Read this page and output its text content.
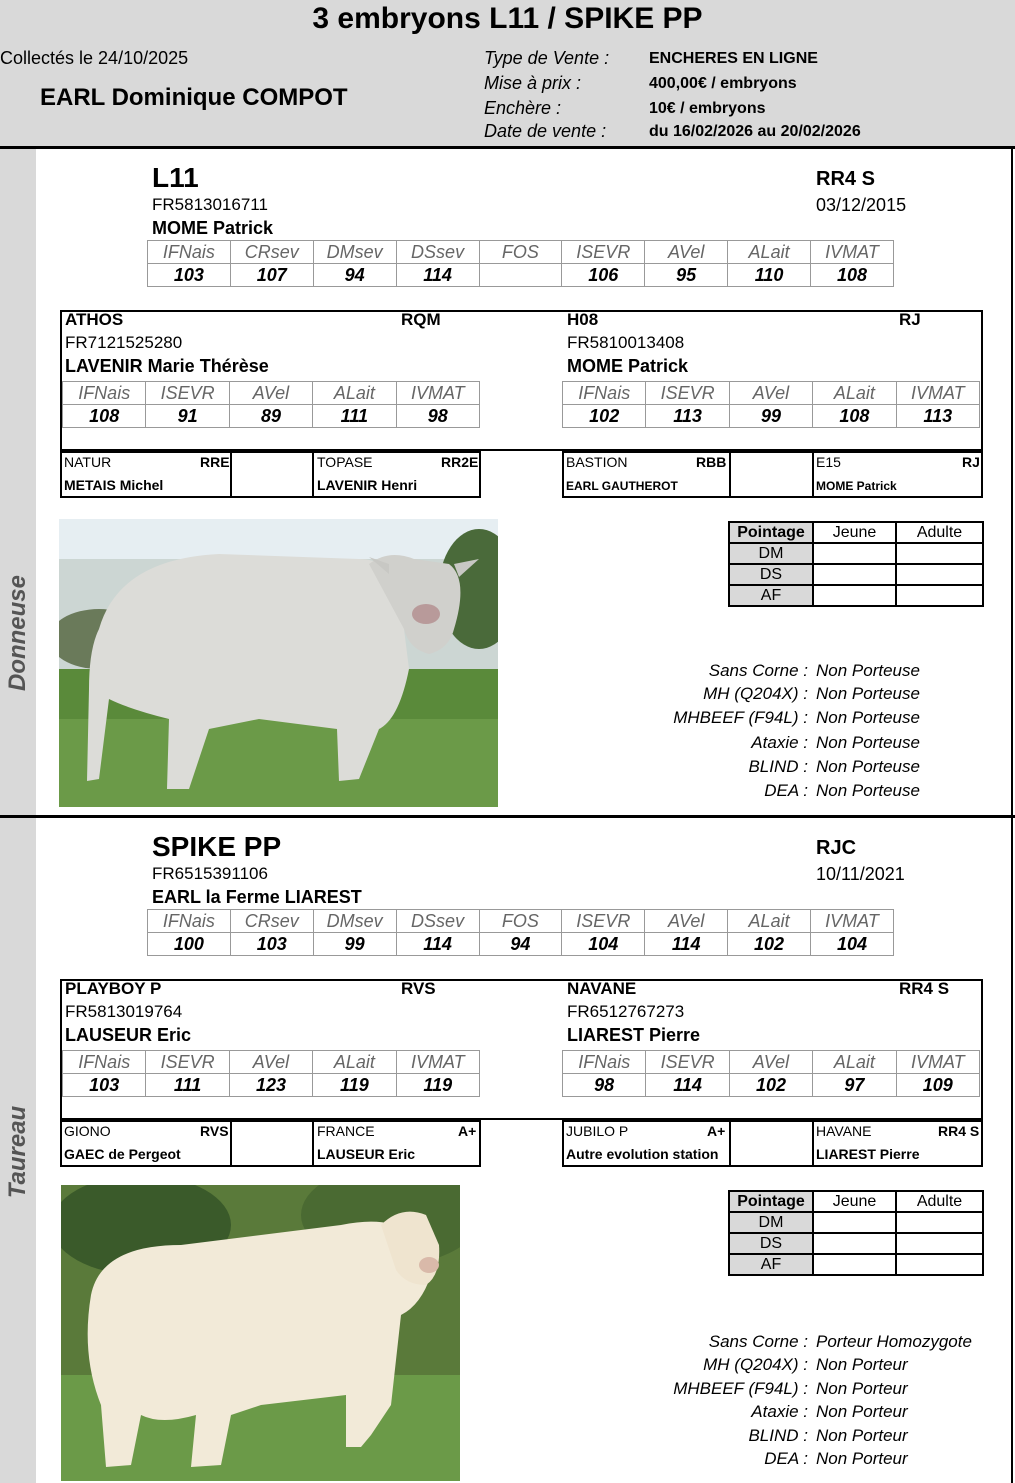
3 embryons L11 / SPIKE PP
Collectés le 24/10/2025
EARL Dominique COMPOT
Type de Vente : ENCHERES EN LIGNE
Mise à prix :	400,00€ / embryons
Enchère :	10€ / embryons
Date de vente :	du 16/02/2026 au 20/02/2026
Donneuse
L11	RR4 S
FR5813016711	03/12/2015
MOME Patrick
IFNais	CRsev	DMsev	DSsev	FOS	ISEVR	AVel	ALait	IVMAT
103	107	94	114		106	95	110	108
ATHOS	RQM
FR7121525280
LAVENIR Marie Thérèse
IFNais	ISEVR	AVel	ALait	IVMAT
108	91	89	111	98
H08	RJ
FR5810013408
MOME Patrick
IFNais	ISEVR	AVel	ALait	IVMAT
102	113	99	108	113
NATUR	RRE
METAIS Michel
TOPASE	RR2E
LAVENIR Henri
BASTION	RBB
EARL GAUTHEROT
E15	RJ
MOME Patrick
Pointage	Jeune	Adulte
DM		
DS		
AF		
Sans Corne : Non Porteuse
MH (Q204X) : Non Porteuse
MHBEEF (F94L) : Non Porteuse
Ataxie : Non Porteuse
BLIND : Non Porteuse
DEA : Non Porteuse
Taureau
SPIKE PP	RJC
FR6515391106	10/11/2021
EARL la Ferme LIAREST
IFNais	CRsev	DMsev	DSsev	FOS	ISEVR	AVel	ALait	IVMAT
100	103	99	114	94	104	114	102	104
PLAYBOY P	RVS
FR5813019764
LAUSEUR Eric
IFNais	ISEVR	AVel	ALait	IVMAT
103	111	123	119	119
NAVANE	RR4 S
FR6512767273
LIAREST Pierre
IFNais	ISEVR	AVel	ALait	IVMAT
98	114	102	97	109
GIONO	RVS
GAEC de Pergeot
FRANCE	A+
LAUSEUR Eric
JUBILO P	A+
Autre evolution station
HAVANE	RR4 S
LIAREST Pierre
Pointage	Jeune	Adulte
DM		
DS		
AF		
Sans Corne : Porteur Homozygote
MH (Q204X) : Non Porteur
MHBEEF (F94L) : Non Porteur
Ataxie : Non Porteur
BLIND : Non Porteur
DEA : Non Porteur
